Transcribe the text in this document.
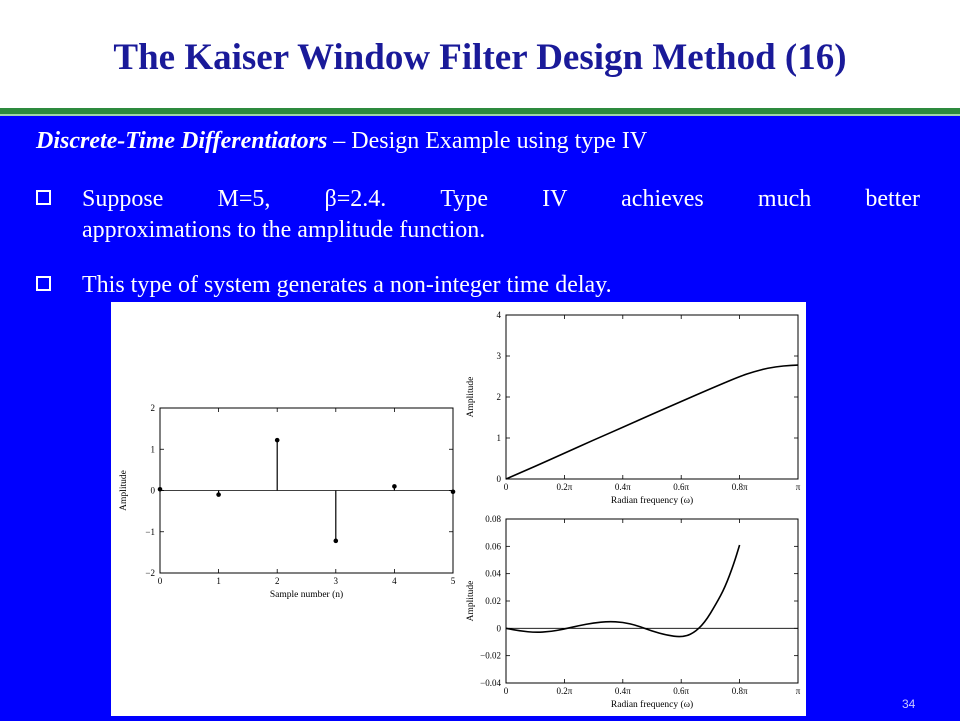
The Kaiser Window Filter Design Method (16)
Discrete-Time Differentiators – Design Example using type IV
Suppose M=5, β=2.4. Type IV achieves much better
approximations to the amplitude function.
This type of system generates a non-integer time delay.
0	1	2	3	4	5
2
1
0
−1
−2
Sample number (n)
Amplitude	0	0.2π	0.4π	0.6π	0.8π	π
4
3
2
1
0
Radian frequency (ω)
Amplitude
0	0.2π	0.4π	0.6π	0.8π	π
0.08
0.06
0.04
0.02
0
−0.02
−0.04
Radian frequency (ω)
Amplitude
34
